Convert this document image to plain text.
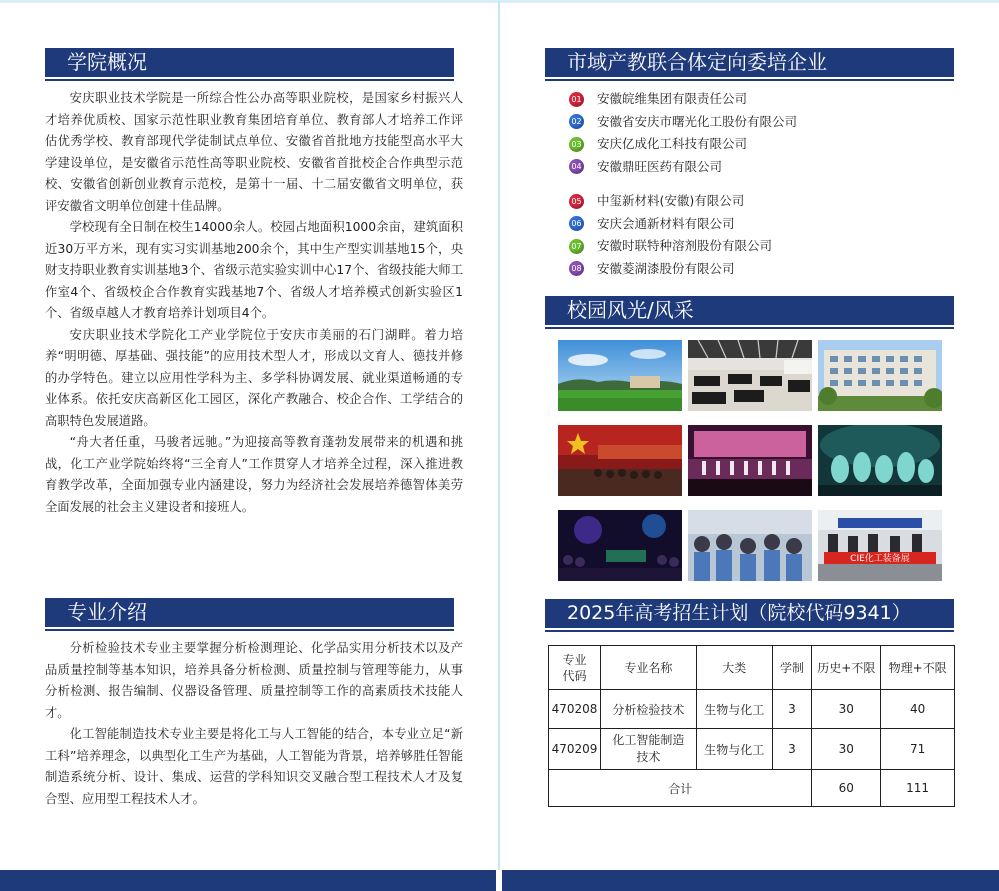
学院概况

安庆职业技术学院是一所综合性公办高等职业院校，是国家乡村振兴人才培养优质校、国家示范性职业教育集团培育单位、教育部人才培养工作评估优秀学校、教育部现代学徒制试点单位、安徽省首批地方技能型高水平大学建设单位，是安徽省示范性高等职业院校、安徽省首批校企合作典型示范校、安徽省创新创业教育示范校，是第十一届、十二届安徽省文明单位，获评安徽省文明单位创建十佳品牌。

学校现有全日制在校生14000余人。校园占地面积1000余亩，建筑面积近30万平方米，现有实习实训基地200余个，其中生产型实训基地15个，央财支持职业教育实训基地3个、省级示范实验实训中心17个、省级技能大师工作室4个、省级校企合作教育实践基地7个、省级人才培养模式创新实验区1个、省级卓越人才教育培养计划项目4个。

安庆职业技术学院化工产业学院位于安庆市美丽的石门湖畔。着力培养“明明德、厚基础、强技能”的应用技术型人才，形成以文育人、德技并修的办学特色。建立以应用性学科为主、多学科协调发展、就业渠道畅通的专业体系。依托安庆高新区化工园区，深化产教融合、校企合作、工学结合的高职特色发展道路。

“舟大者任重，马骏者远驰。”为迎接高等教育蓬勃发展带来的机遇和挑战，化工产业学院始终将“三全育人”工作贯穿人才培养全过程，深入推进教育教学改革，全面加强专业内涵建设，努力为经济社会发展培养德智体美劳全面发展的社会主义建设者和接班人。

专业介绍

分析检验技术专业主要掌握分析检测理论、化学品实用分析技术以及产品质量控制等基本知识，培养具备分析检测、质量控制与管理等能力，从事分析检测、报告编制、仪器设备管理、质量控制等工作的高素质技术技能人才。

化工智能制造技术专业主要是将化工与人工智能的结合，本专业立足“新工科”培养理念，以典型化工生产为基础，人工智能为背景，培养够胜任智能制造系统分析、设计、集成、运营的学科知识交叉融合型工程技术人才及复合型、应用型工程技术人才。

市域产教联合体定向委培企业
01 安徽皖维集团有限责任公司
02 安徽省安庆市曙光化工股份有限公司
03 安庆亿成化工科技有限公司
04 安徽鼎旺医药有限公司
05 中玺新材料(安徽)有限公司
06 安庆会通新材料有限公司
07 安徽时联特种溶剂股份有限公司
08 安徽菱湖漆股份有限公司
校园风光/风采
CIE化工装备展
2025年高考招生计划（院校代码9341）
专业代码	专业名称	大类	学制	历史+不限	物理+不限
470208	分析检验技术	生物与化工	3	30	40
470209	化工智能制造技术	生物与化工	3	30	71
合计				60	111
